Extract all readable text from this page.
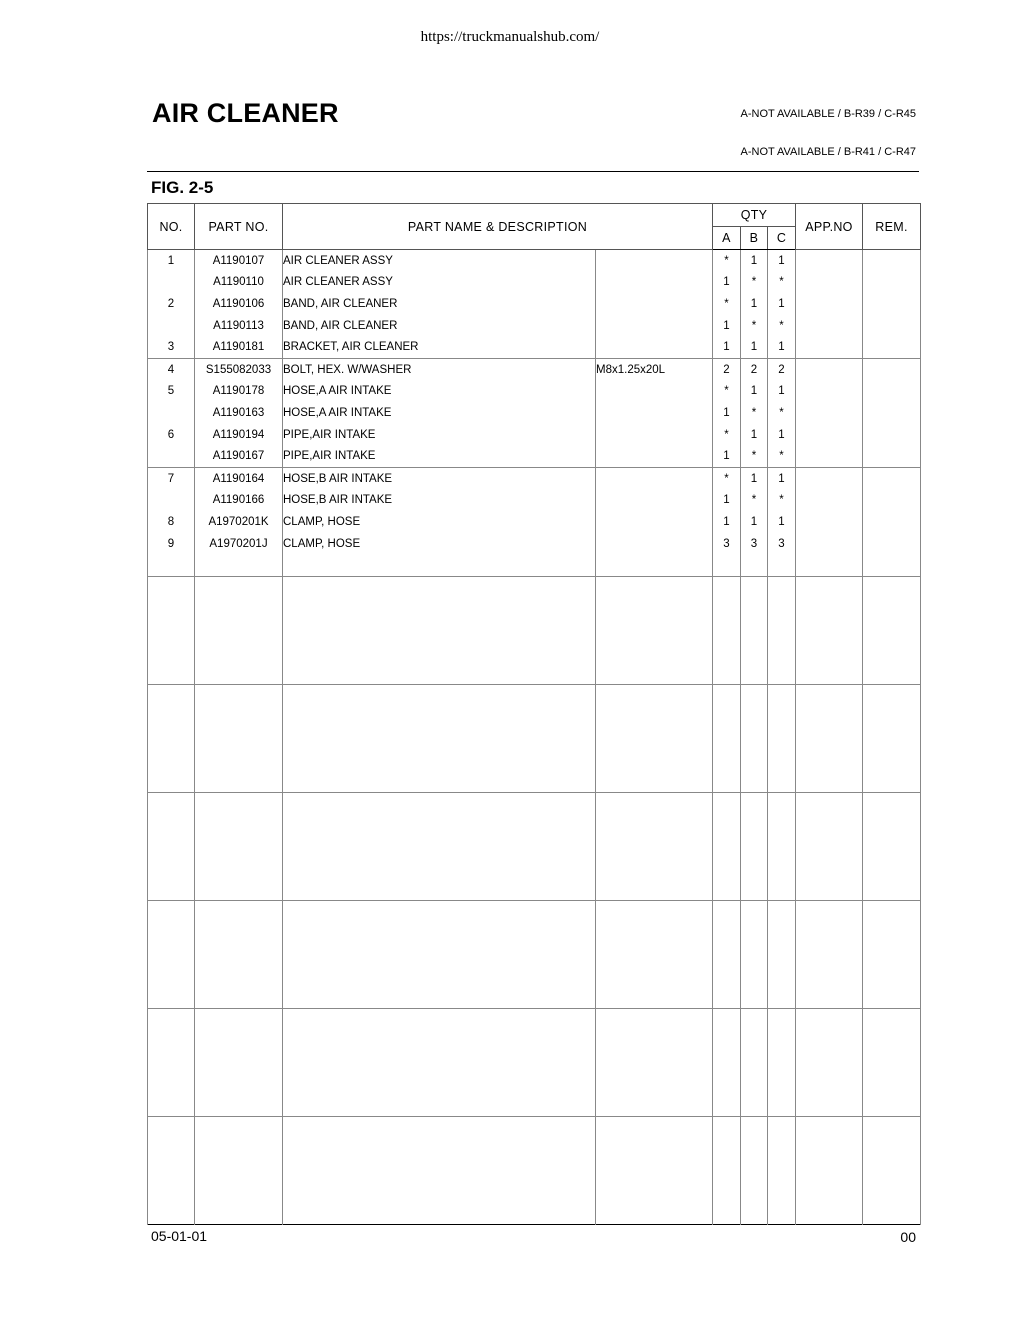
https://truckmanualshub.com/
AIR CLEANER	A-NOT AVAILABLE / B-R39 / C-R45
A-NOT AVAILABLE / B-R41 / C-R47
FIG. 2-5
NO.	PART NO.	PART NAME & DESCRIPTION		QTY			APP.NO	REM.
				A	B	C		
1	A1190107	AIR CLEANER ASSY		*	1	1		
	A1190110	AIR CLEANER ASSY		1	*	*		
2	A1190106	BAND, AIR CLEANER		*	1	1		
	A1190113	BAND, AIR CLEANER		1	*	*		
3	A1190181	BRACKET, AIR CLEANER		1	1	1		
4	S155082033	BOLT, HEX. W/WASHER	M8x1.25x20L	2	2	2		
5	A1190178	HOSE,A AIR INTAKE		*	1	1		
	A1190163	HOSE,A AIR INTAKE		1	*	*		
6	A1190194	PIPE,AIR INTAKE		*	1	1		
	A1190167	PIPE,AIR INTAKE		1	*	*		
7	A1190164	HOSE,B AIR INTAKE		*	1	1		
	A1190166	HOSE,B AIR INTAKE		1	*	*		
8	A1970201K	CLAMP, HOSE		1	1	1		
9	A1970201J	CLAMP, HOSE		3	3	3		

05-01-01	00
